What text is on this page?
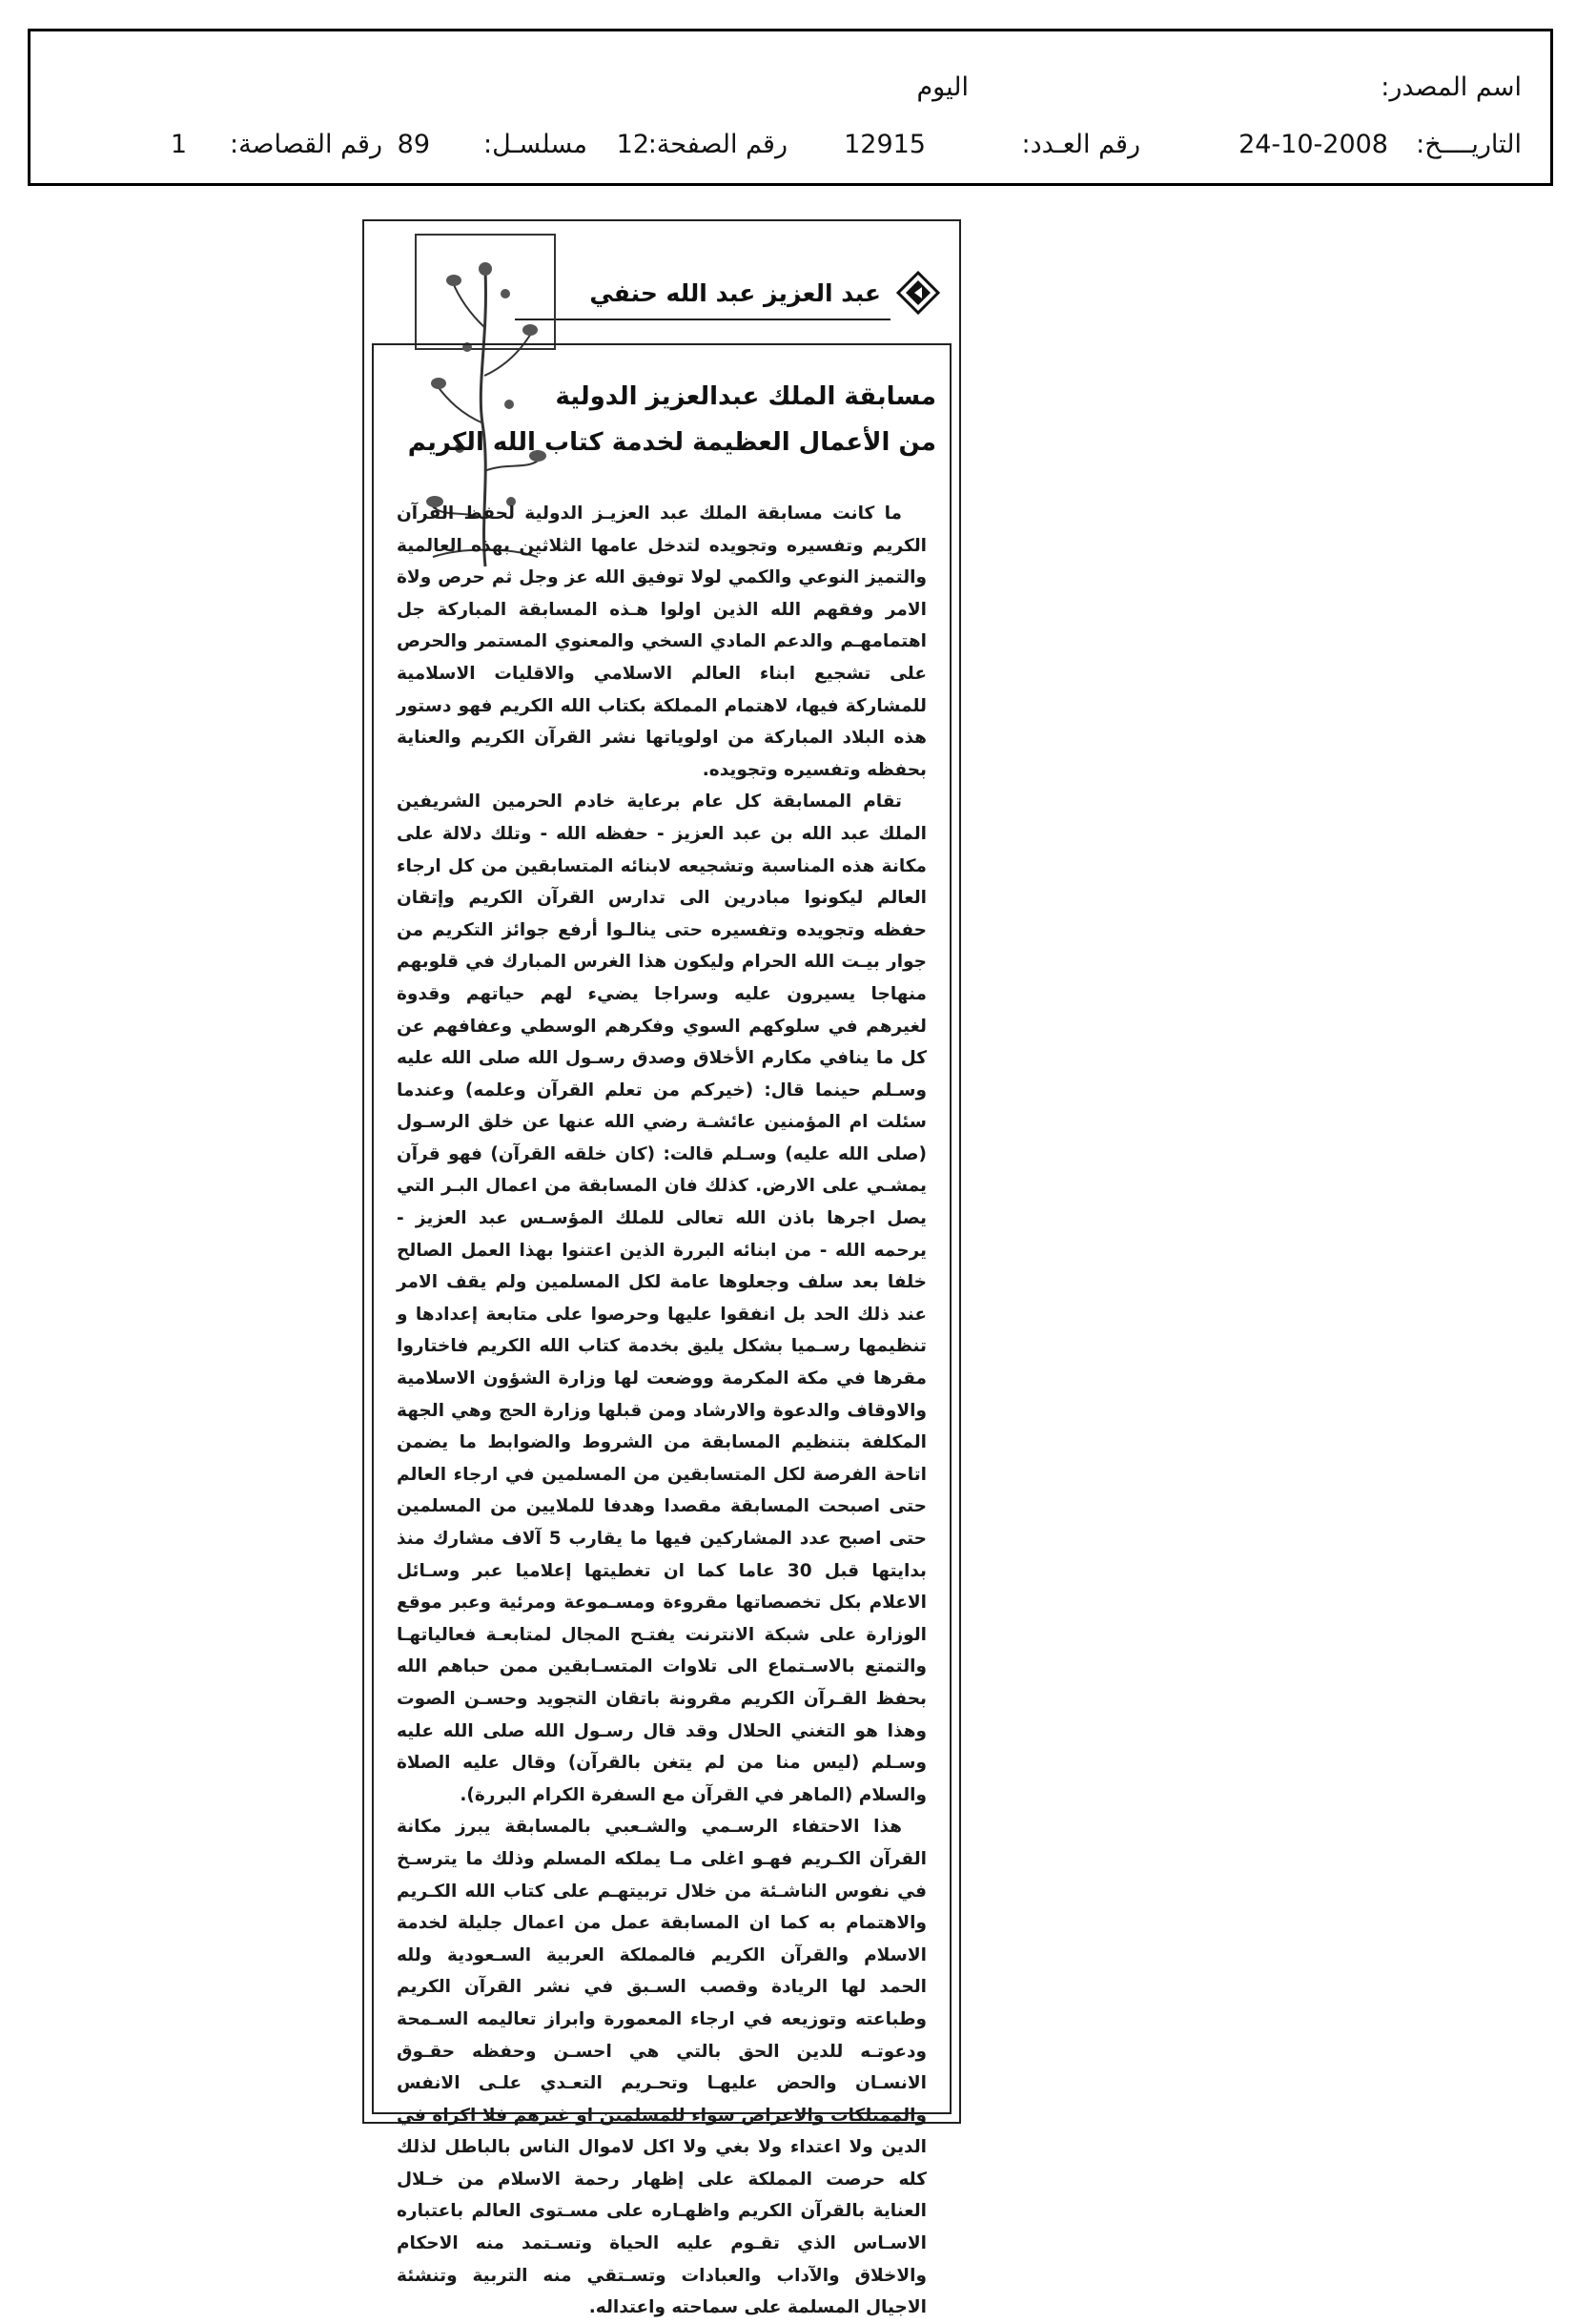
اسم المصدر:
اليوم
التاريــــخ:
24-10-2008
رقم العـدد:
12915
رقم الصفحة:
12
مسلسـل:
89
رقم القصاصة:
1
عبد العزيز عبد الله حنفي
مسابقة الملك عبدالعزيز الدولية
من الأعمال العظيمة لخدمة كتاب الله الكريم

ما كانت مسابقة الملك عبد العزيـز الدولية لحفظ القرآن الكريم وتفسيره وتجويده لتدخل عامها الثلاثين بهذه العالمية والتميز النوعي والكمي لولا توفيق الله عز وجل ثم حرص ولاة الامر وفقهم الله الذين اولوا هـذه المسابقة المباركة جل اهتمامهـم والدعم المادي السخي والمعنوي المستمر والحرص على تشجيع ابناء العالم الاسلامي والاقليات الاسلامية للمشاركة فيها، لاهتمام المملكة بكتاب الله الكريم فهو دستور هذه البلاد المباركة من اولوياتها نشر القرآن الكريم والعناية بحفظه وتفسيره وتجويده.

تقام المسابقة كل عام برعاية خادم الحرمين الشريفين الملك عبد الله بن عبد العزيز - حفظه الله - وتلك دلالة على مكانة هذه المناسبة وتشجيعه لابنائه المتسابقين من كل ارجاء العالم ليكونوا مبادرين الى تدارس القرآن الكريم وإتقان حفظه وتجويده وتفسيره حتى ينالـوا أرفع جوائز التكريم من جوار بيـت الله الحرام وليكون هذا الغرس المبارك في قلوبهم منهاجا يسيرون عليه وسراجا يضيء لهم حياتهم وقدوة لغيرهم في سلوكهم السوي وفكرهم الوسطي وعفافهم عن كل ما ينافي مكارم الأخلاق وصدق رسـول الله صلى الله عليه وسـلم حينما قال: (خيركم من تعلم القرآن وعلمه) وعندما سئلت ام المؤمنين عائشـة رضي الله عنها عن خلق الرسـول (صلى الله عليه) وسـلم قالت: (كان خلقه القرآن) فهو قرآن يمشـي على الارض. كذلك فان المسابقة من اعمال البـر التي يصل اجرها باذن الله تعالى للملك المؤسـس عبد العزيز - يرحمه الله - من ابنائه البررة الذين اعتنوا بهذا العمل الصالح خلفا بعد سلف وجعلوها عامة لكل المسلمين ولم يقف الامر عند ذلك الحد بل انفقوا عليها وحرصوا على متابعة إعدادها و تنظيمها رسـميا بشكل يليق بخدمة كتاب الله الكريم فاختاروا مقرها في مكة المكرمة ووضعت لها وزارة الشؤون الاسلامية والاوقاف والدعوة والارشاد ومن قبلها وزارة الحج وهي الجهة المكلفة بتنظيم المسابقة من الشروط والضوابط ما يضمن اتاحة الفرصة لكل المتسابقين من المسلمين في ارجاء العالم حتى اصبحت المسابقة مقصدا وهدفا للملايين من المسلمين حتى اصبح عدد المشاركين فيها ما يقارب 5 آلاف مشارك منذ بدايتها قبل 30 عاما كما ان تغطيتها إعلاميا عبر وسـائل الاعلام بكل تخصصاتها مقروءة ومسـموعة ومرئية وعبر موقع الوزارة على شبكة الانترنت يفتـح المجال لمتابعـة فعالياتهـا والتمتع بالاسـتماع الى تلاوات المتسـابقين ممن حباهم الله بحفظ القـرآن الكريم مقرونة باتقان التجويد وحسـن الصوت وهذا هو التغني الحلال وقد قال رسـول الله صلى الله عليه وسـلم (ليس منا من لم يتغن بالقرآن) وقال عليه الصلاة والسلام (الماهر في القرآن مع السفرة الكرام البررة).

هذا الاحتفاء الرسـمي والشـعبي بالمسابقة يبرز مكانة القرآن الكـريم فهـو اغلى مـا يملكه المسلم وذلك ما يترسـخ في نفوس الناشـئة من خلال تربيتهـم على كتاب الله الكـريم والاهتمام به كما ان المسابقة عمل من اعمال جليلة لخدمة الاسلام والقرآن الكريم فالمملكة العربية السـعودية ولله الحمد لها الريادة وقصب السـبق في نشر القرآن الكريم وطباعته وتوزيعه في ارجاء المعمورة وابراز تعاليمه السـمحة ودعوتـه للدين الحق بالتي هي احسـن وحفظه حقـوق الانسـان والحض عليهـا وتحـريم التعـدي علـى الانفس والممتلكات والاعراض سواء للمسلمين او غيرهم فلا اكراه في الدين ولا اعتداء ولا بغي ولا اكل لاموال الناس بالباطل لذلك كله حرصت المملكة على إظهار رحمة الاسلام من خـلال العناية بالقرآن الكريم واظهـاره على مسـتوى العالم باعتباره الاسـاس الذي تقـوم عليه الحياة وتسـتمد منه الاحكام والاخلاق والآداب والعبادات وتسـتقي منه التربية وتنشئة الاجيال المسلمة على سماحته واعتداله.
